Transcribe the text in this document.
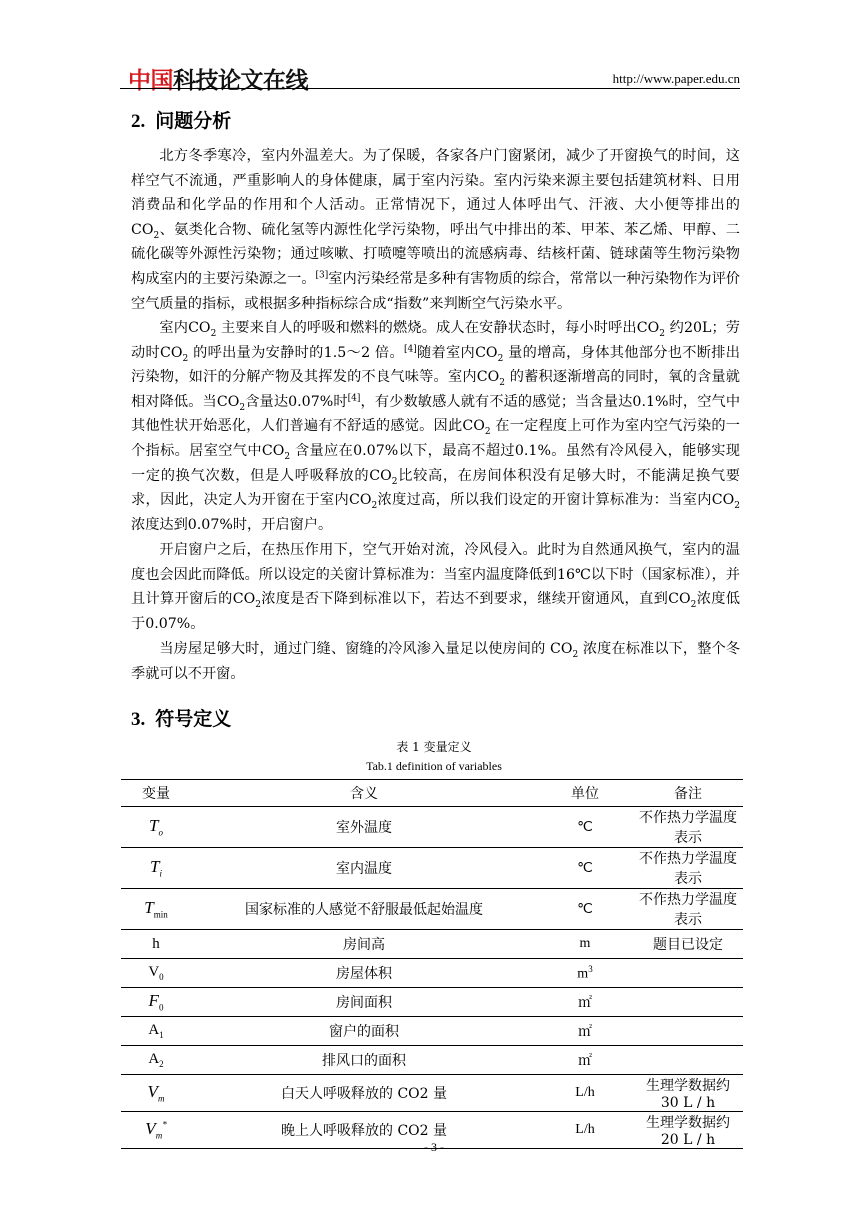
中国科技论文在线	http://www.paper.edu.cn
2. 问题分析
北方冬季寒冷，室内外温差大。为了保暖，各家各户门窗紧闭，减少了开窗换气的时间，这样空气不流通，严重影响人的身体健康，属于室内污染。室内污染来源主要包括建筑材料、日用消费品和化学品的作用和个人活动。正常情况下，通过人体呼出气、汗液、大小便等排出的$CO_2$、氨类化合物、硫化氢等内源性化学污染物，呼出气中排出的苯、甲苯、苯乙烯、甲醇、二硫化碳等外源性污染物；通过咳嗽、打喷嚏等喷出的流感病毒、结核杆菌、链球菌等生物污染物构成室内的主要污染源之一。[3]室内污染经常是多种有害物质的综合，常常以一种污染物作为评价空气质量的指标，或根据多种指标综合成“指数”来判断空气污染水平。
室内$CO_2$ 主要来自人的呼吸和燃料的燃烧。成人在安静状态时，每小时呼出$CO_2$ 约20L；劳动时$CO_2$ 的呼出量为安静时的1.5～2 倍。[4]随着室内$CO_2$ 量的增高，身体其他部分也不断排出污染物，如汗的分解产物及其挥发的不良气味等。室内$CO_2$ 的蓄积逐渐增高的同时，氧的含量就相对降低。当$CO_2$含量达0.07%时[4]，有少数敏感人就有不适的感觉；当含量达0.1%时，空气中其他性状开始恶化，人们普遍有不舒适的感觉。因此$CO_2$ 在一定程度上可作为室内空气污染的一个指标。居室空气中$CO_2$ 含量应在0.07%以下，最高不超过0.1%。虽然有冷风侵入，能够实现一定的换气次数，但是人呼吸释放的$CO_2$比较高，在房间体积没有足够大时，不能满足换气要求，因此，决定人为开窗在于室内$CO_2$浓度过高，所以我们设定的开窗计算标准为：当室内$CO_2$浓度达到0.07%时，开启窗户。
开启窗户之后，在热压作用下，空气开始对流，冷风侵入。此时为自然通风换气，室内的温度也会因此而降低。所以设定的关窗计算标准为：当室内温度降低到16℃以下时（国家标准），并且计算开窗后的$CO_2$浓度是否下降到标准以下，若达不到要求，继续开窗通风，直到$CO_2$浓度低于0.07%。
当房屋足够大时，通过门缝、窗缝的冷风渗入量足以使房间的 $CO_2$ 浓度在标准以下，整个冬季就可以不开窗。
3. 符号定义
表 1 变量定义
Tab.1 definition of variables
变量	含义	单位	备注
$T_o$	室外温度	℃	不作热力学温度表示
$T_i$	室内温度	℃	不作热力学温度表示
$T_{min}$	国家标准的人感觉不舒服最低起始温度	℃	不作热力学温度表示
h	房间高	m	题目已设定
$V_0$	房屋体积	$m^3$	
$F_0$	房间面积	㎡	
$A_1$	窗户的面积	㎡	
$A_2$	排风口的面积	㎡	
$V_m$	白天人呼吸释放的 CO2 量	L/h	生理学数据约 30 L / h
$V_m^*$	晚上人呼吸释放的 CO2 量	L/h	生理学数据约 20 L / h
- 3 -
